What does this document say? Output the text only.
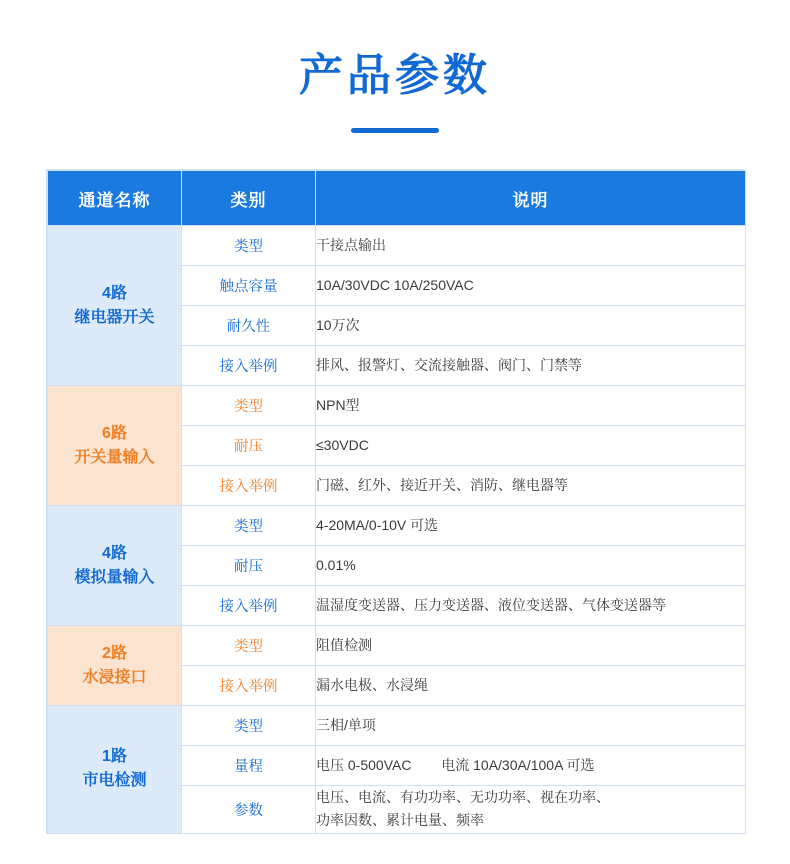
产品参数
通道名称	类别	说明

4路
继电器开关	类型	干接点输出
	触点容量	10A/30VDC 10A/250VAC
	耐久性	10万次
	接入举例	排风、报警灯、交流接触器、阀门、门禁等

6路
开关量输入	类型	NPN型
	耐压	≤30VDC
	接入举例	门磁、红外、接近开关、消防、继电器等

4路
模拟量输入	类型	4-20MA/0-10V 可选
	耐压	0.01%
	接入举例	温湿度变送器、压力变送器、液位变送器、气体变送器等

2路
水浸接口	类型	阻值检测
	接入举例	漏水电极、水浸绳

1路
市电检测	类型	三相/单项
	量程	电压 0-500VAC 电流 10A/30A/100A 可选
	参数	电压、电流、有功功率、无功功率、视在功率、
功率因数、累计电量、频率
